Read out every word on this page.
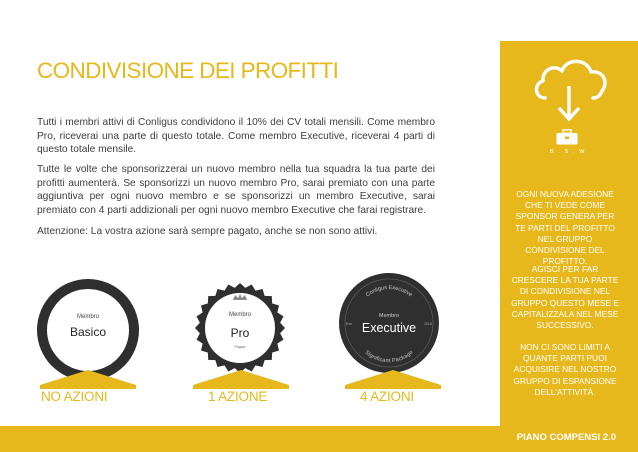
CONDIVISIONE DEI PROFITTI

Tutti i membri attivi di Conligus condividono il 10% dei CV totali mensili. Come membro Pro, riceverai una parte di questo totale. Come membro Executive, riceverai 4 parti di questo totale mensile.

Tutte le volte che sponsorizzerai un nuovo membro nella tua squadra la tua parte dei profitti aumenterà. Se sponsorizzi un nuovo membro Pro, sarai premiato con una parte aggiuntiva per ogni nuovo membro e se sponsorizzi un membro Executive, sarai premiato con 4 parti addizionali per ogni nuovo membro Executive che farai registrare.

Attenzione: La vostra azione sarà sempre pagato, anche se non sono attivi.

Membro
Basico
Membro
Pro
Pagato
Conligus Executive
Significant Package
Membro
Executive
Exe	2016
NO AZIONI	1 AZIONE	4 AZIONI
B . S . W
OGNI NUOVA ADESIONE CHE TI VEDE COME SPONSOR GENERA PER TE PARTI DEL PROFITTO NEL GRUPPO CONDIVISIONE DEL PROFITTO.
AGISCI PER FAR CRESCERE LA TUA PARTE DI CONDIVISIONE NEL GRUPPO QUESTO MESE E CAPITALIZZALA NEL MESE SUCCESSIVO.
NON CI SONO LIMITI A QUANTE PARTI PUOI ACQUISIRE NEL NOSTRO GRUPPO DI ESPANSIONE DELL'ATTIVITÀ.
PIANO COMPENSI 2.0
